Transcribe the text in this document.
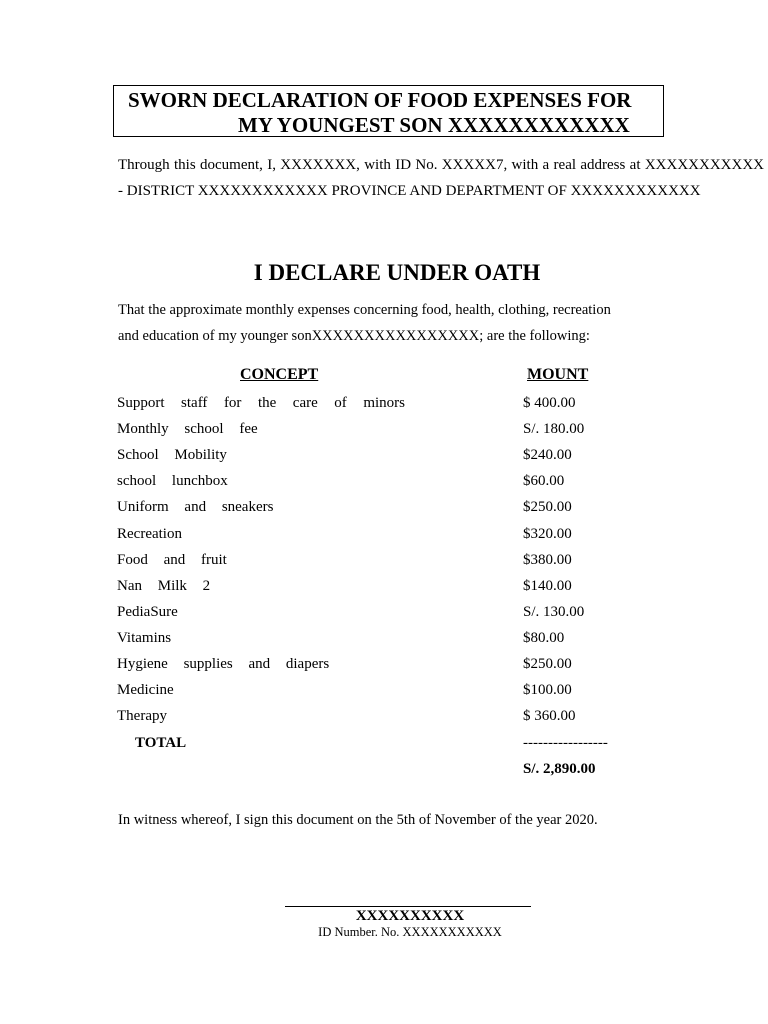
SWORN DECLARATION OF FOOD EXPENSES FOR
MY YOUNGEST SON XXXXXXXXXXXX
Through this document, I, XXXXXXX, with ID No. XXXXX7, with a real address at XXXXXXXXXXX - DISTRICT XXXXXXXXXXXX PROVINCE AND DEPARTMENT OF XXXXXXXXXXXX
I DECLARE UNDER OATH
That the approximate monthly expenses concerning food, health, clothing, recreation
and education of my younger sonXXXXXXXXXXXXXXXX; are the following:
CONCEPT	MOUNT
Support staff for the care of minors	$ 400.00
Monthly school fee	S/. 180.00
School Mobility	$240.00
school lunchbox	$60.00
Uniform and sneakers	$250.00
Recreation	$320.00
Food and fruit	$380.00
Nan Milk 2	$140.00
PediaSure	S/. 130.00
Vitamins	$80.00
Hygiene supplies and diapers	$250.00
Medicine	$100.00
Therapy	$ 360.00
TOTAL	-----------------
S/. 2,890.00
In witness whereof, I sign this document on the 5th of November of the year 2020.
XXXXXXXXXX
ID Number. No. XXXXXXXXXXX
